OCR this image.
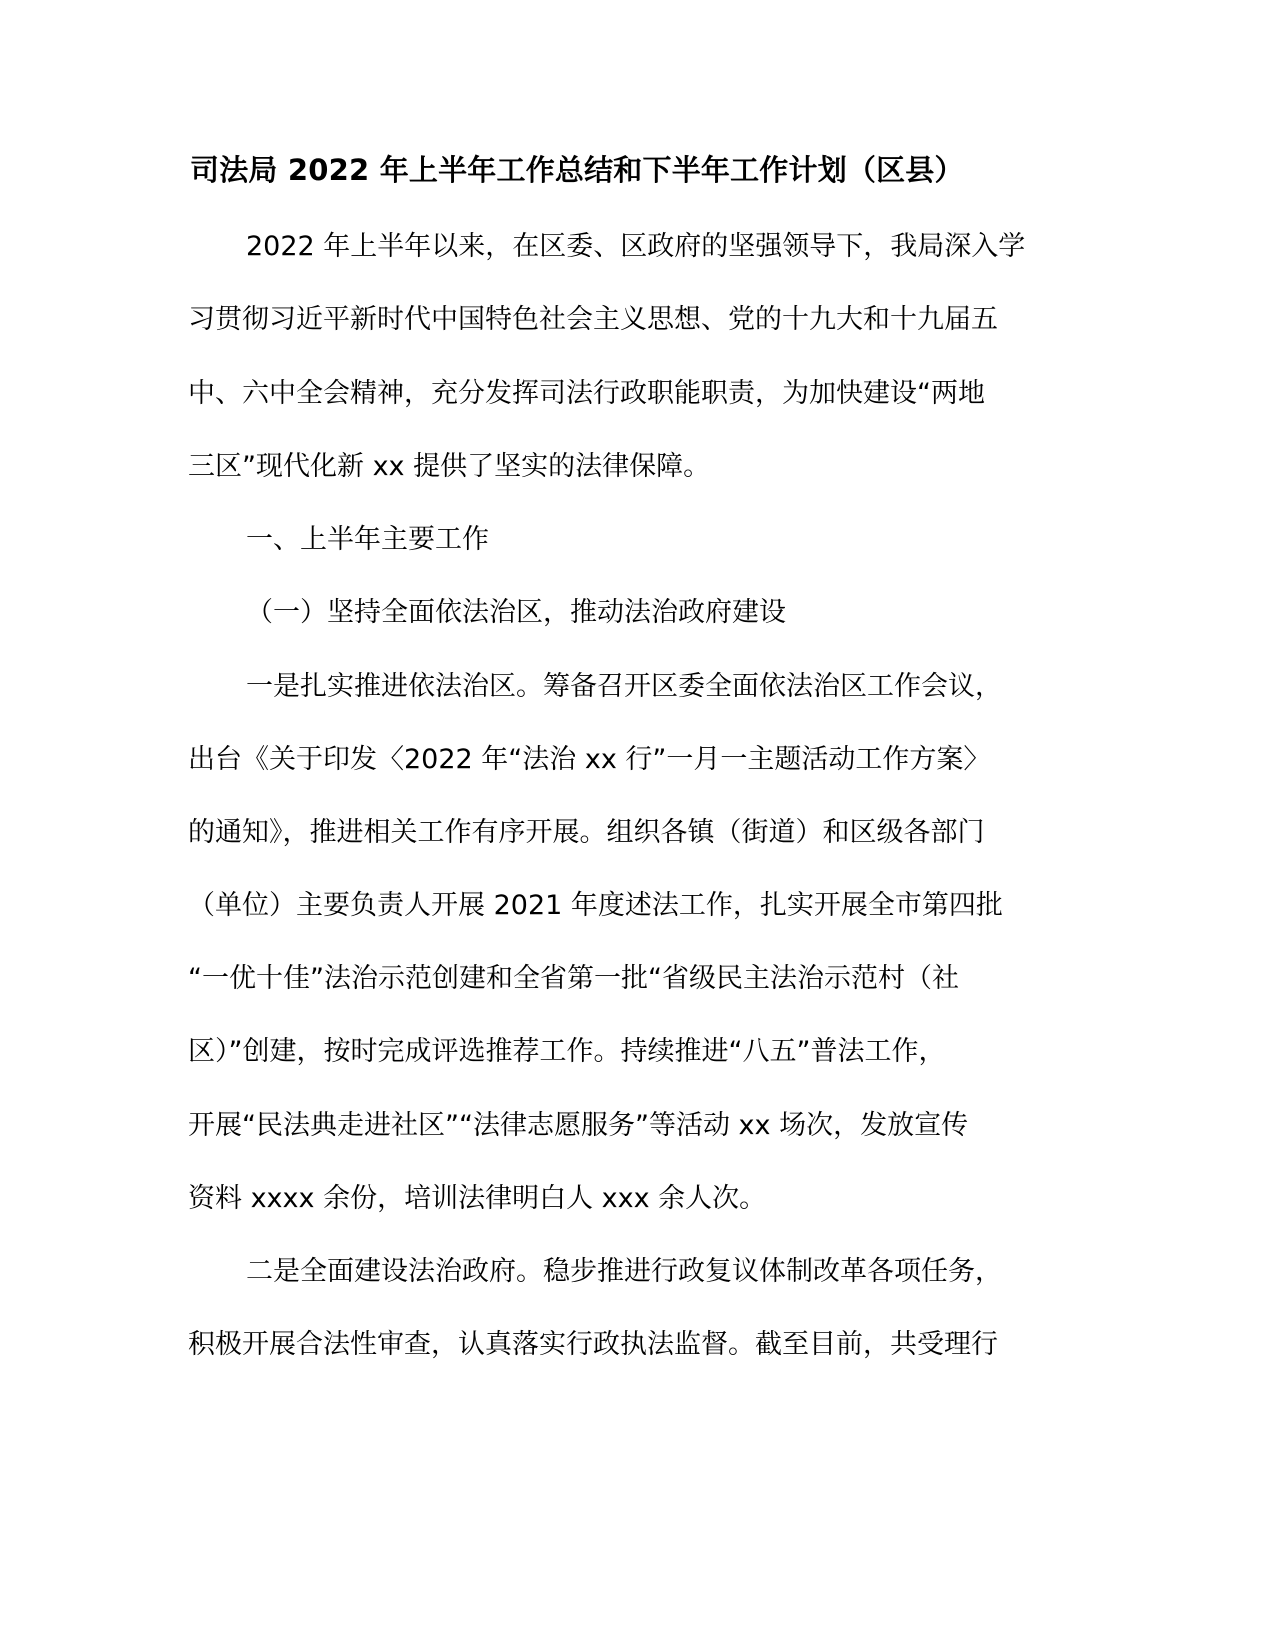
司法局 2022 年上半年工作总结和下半年工作计划（区县）
2022 年上半年以来，在区委、区政府的坚强领导下，我局深入学
习贯彻习近平新时代中国特色社会主义思想、党的十九大和十九届五
中、六中全会精神，充分发挥司法行政职能职责，为加快建设“两地
三区”现代化新 xx 提供了坚实的法律保障。
一、上半年主要工作
（一）坚持全面依法治区，推动法治政府建设
一是扎实推进依法治区。筹备召开区委全面依法治区工作会议，
出台《关于印发〈2022 年“法治 xx 行”一月一主题活动工作方案〉
的通知》，推进相关工作有序开展。组织各镇（街道）和区级各部门
（单位）主要负责人开展 2021 年度述法工作，扎实开展全市第四批
“一优十佳”法治示范创建和全省第一批“省级民主法治示范村（社
区）”创建，按时完成评选推荐工作。持续推进“八五”普法工作，
开展“民法典走进社区”“法律志愿服务”等活动 xx 场次，发放宣传
资料 xxxx 余份，培训法律明白人 xxx 余人次。
二是全面建设法治政府。稳步推进行政复议体制改革各项任务，
积极开展合法性审查，认真落实行政执法监督。截至目前，共受理行
